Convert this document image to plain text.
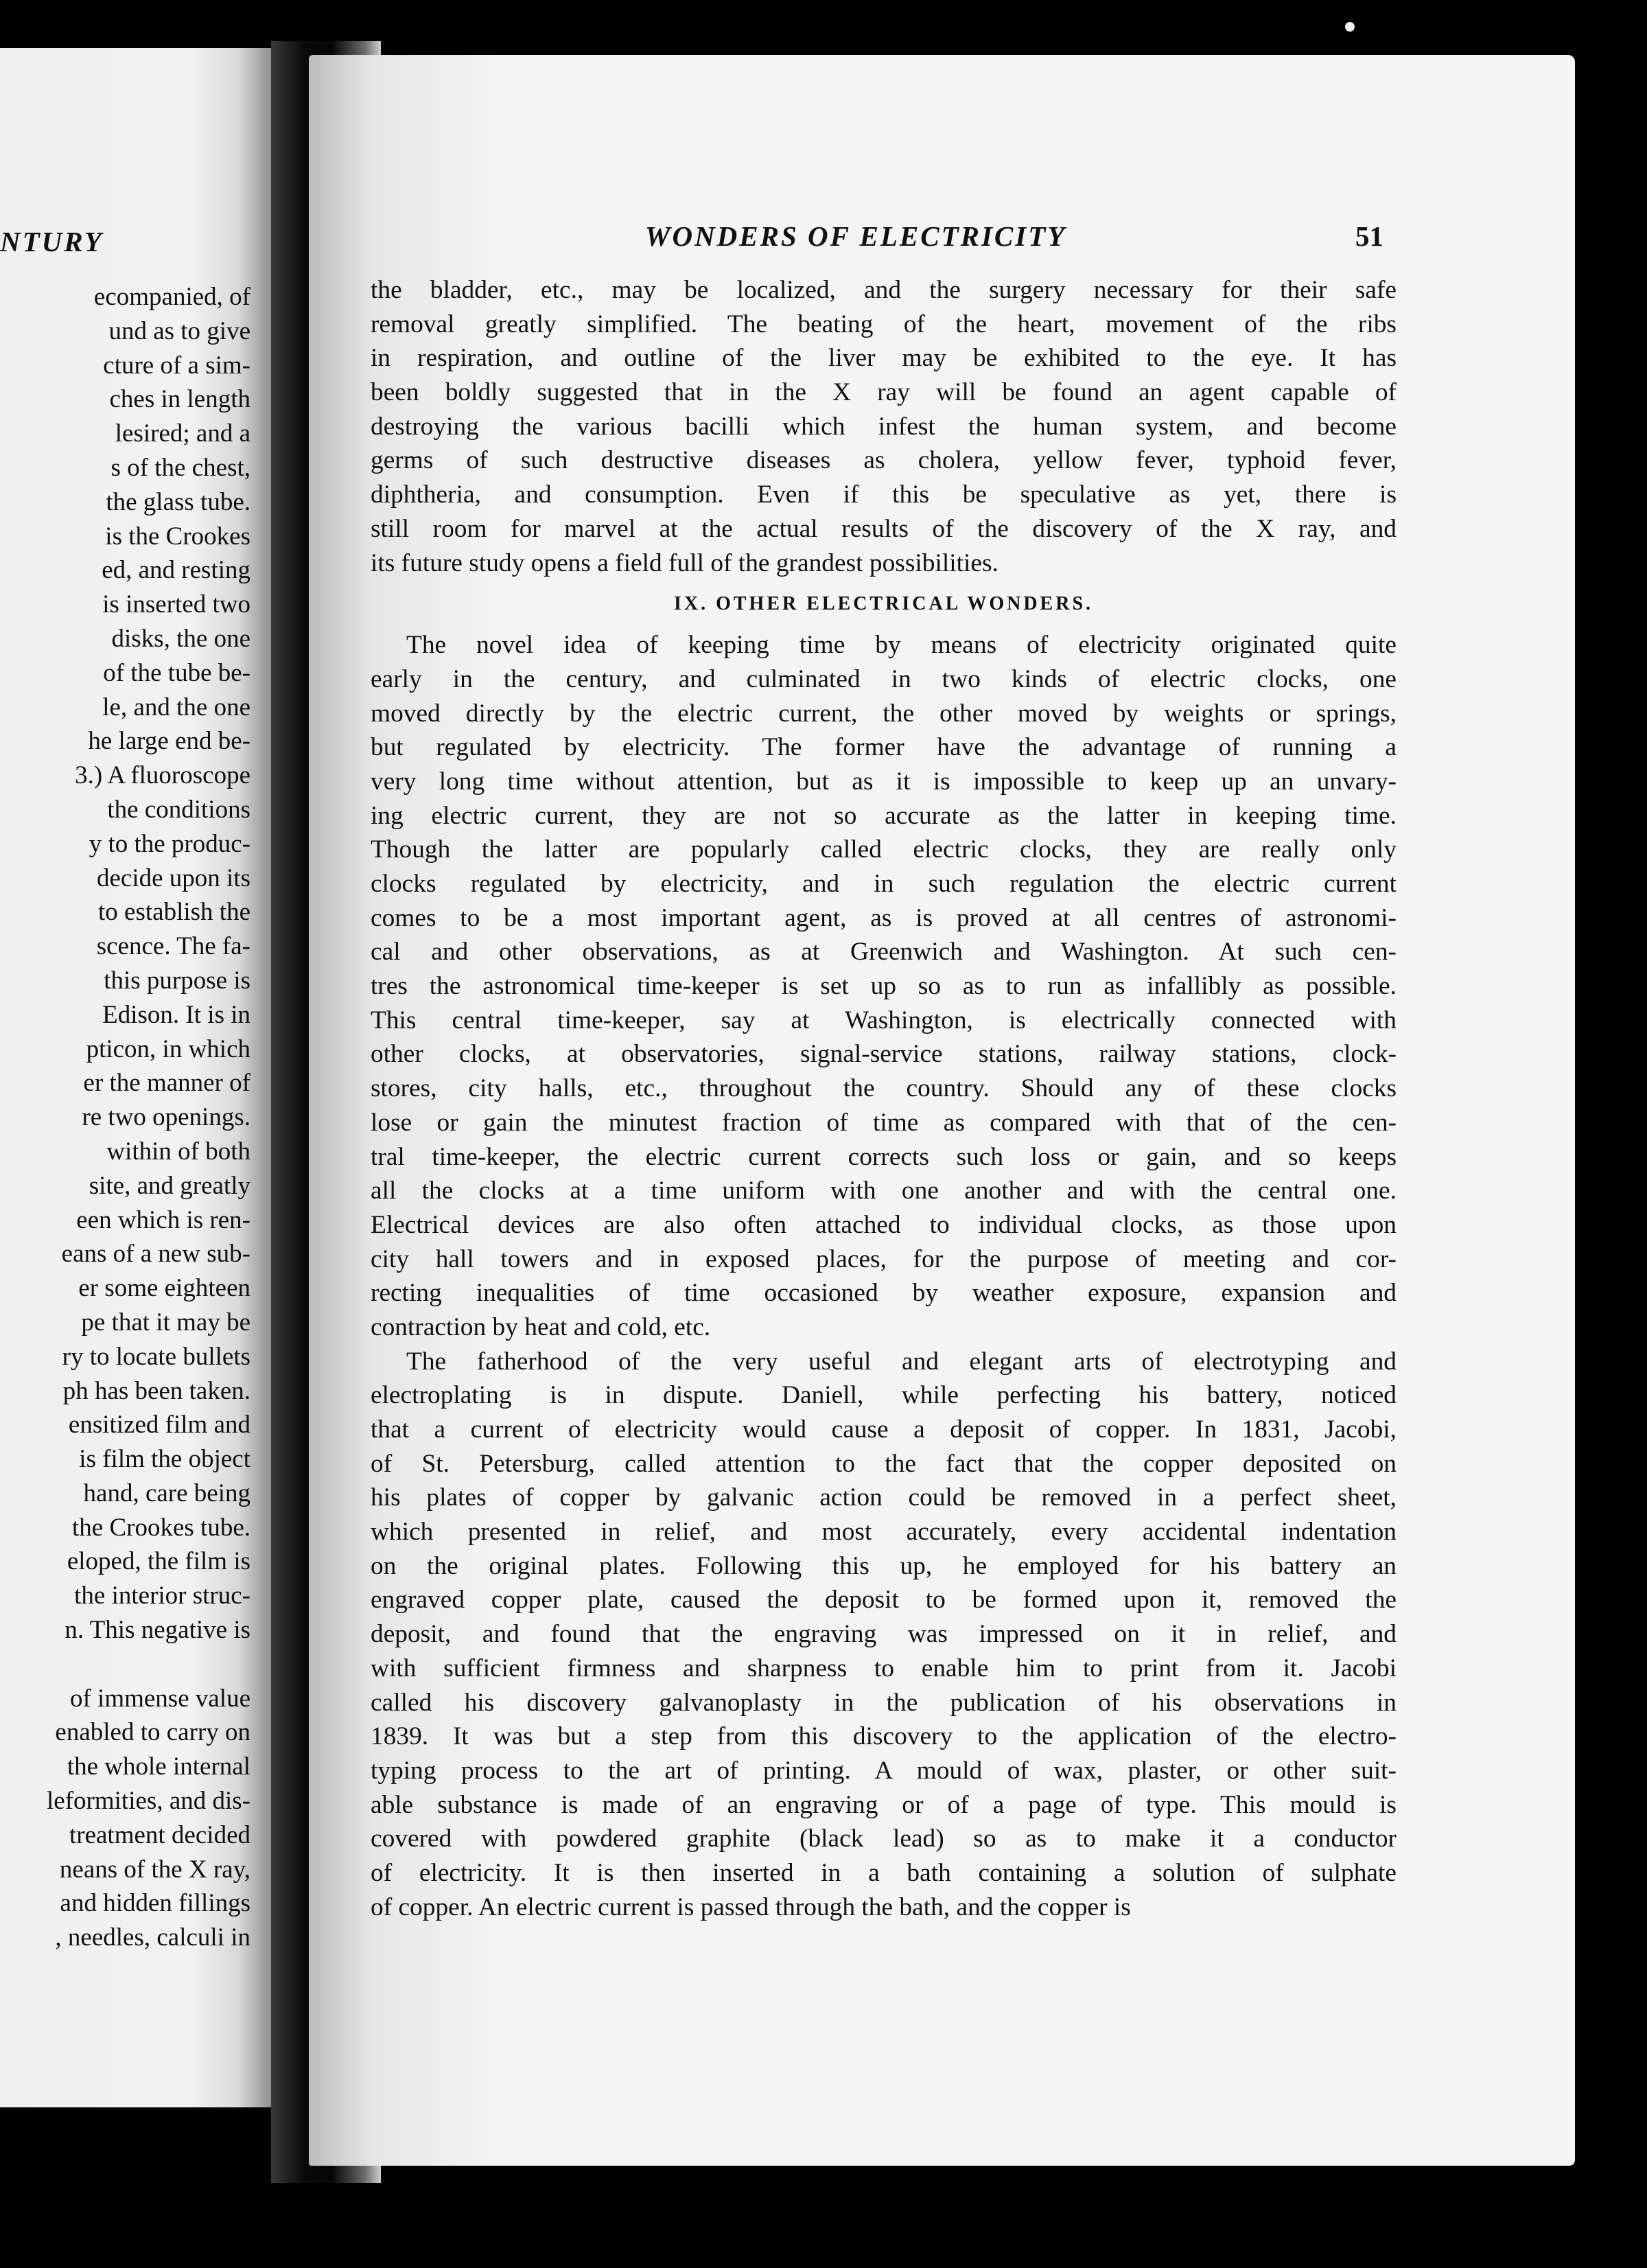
NTURY
ecompanied, of
und as to give
cture of a sim-
ches in length
lesired; and a
s of the chest,
the glass tube.
is the Crookes
ed, and resting
is inserted two
disks, the one
of the tube be-
le, and the one
he large end be-
3.) A fluoroscope
the conditions
y to the produc-
decide upon its
to establish the
scence. The fa-
this purpose is
Edison. It is in
pticon, in which
er the manner of
re two openings.
within of both
site, and greatly
een which is ren-
eans of a new sub-
er some eighteen
pe that it may be
ry to locate bullets
ph has been taken.
ensitized film and
is film the object
hand, care being
the Crookes tube.
eloped, the film is
the interior struc-
n. This negative is
of immense value
enabled to carry on
the whole internal
leformities, and dis-
treatment decided
neans of the X ray,
and hidden fillings
, needles, calculi in
WONDERS OF ELECTRICITY	51
the bladder, etc., may be localized, and the surgery necessary for their safe
removal greatly simplified. The beating of the heart, movement of the ribs
in respiration, and outline of the liver may be exhibited to the eye. It has
been boldly suggested that in the X ray will be found an agent capable of
destroying the various bacilli which infest the human system, and become
germs of such destructive diseases as cholera, yellow fever, typhoid fever,
diphtheria, and consumption. Even if this be speculative as yet, there is
still room for marvel at the actual results of the discovery of the X ray, and
its future study opens a field full of the grandest possibilities.
IX. OTHER ELECTRICAL WONDERS.
The novel idea of keeping time by means of electricity originated quite
early in the century, and culminated in two kinds of electric clocks, one
moved directly by the electric current, the other moved by weights or springs,
but regulated by electricity. The former have the advantage of running a
very long time without attention, but as it is impossible to keep up an unvary-
ing electric current, they are not so accurate as the latter in keeping time.
Though the latter are popularly called electric clocks, they are really only
clocks regulated by electricity, and in such regulation the electric current
comes to be a most important agent, as is proved at all centres of astronomi-
cal and other observations, as at Greenwich and Washington. At such cen-
tres the astronomical time-keeper is set up so as to run as infallibly as possible.
This central time-keeper, say at Washington, is electrically connected with
other clocks, at observatories, signal-service stations, railway stations, clock-
stores, city halls, etc., throughout the country. Should any of these clocks
lose or gain the minutest fraction of time as compared with that of the cen-
tral time-keeper, the electric current corrects such loss or gain, and so keeps
all the clocks at a time uniform with one another and with the central one.
Electrical devices are also often attached to individual clocks, as those upon
city hall towers and in exposed places, for the purpose of meeting and cor-
recting inequalities of time occasioned by weather exposure, expansion and
contraction by heat and cold, etc.
The fatherhood of the very useful and elegant arts of electrotyping and
electroplating is in dispute. Daniell, while perfecting his battery, noticed
that a current of electricity would cause a deposit of copper. In 1831, Jacobi,
of St. Petersburg, called attention to the fact that the copper deposited on
his plates of copper by galvanic action could be removed in a perfect sheet,
which presented in relief, and most accurately, every accidental indentation
on the original plates. Following this up, he employed for his battery an
engraved copper plate, caused the deposit to be formed upon it, removed the
deposit, and found that the engraving was impressed on it in relief, and
with sufficient firmness and sharpness to enable him to print from it. Jacobi
called his discovery galvanoplasty in the publication of his observations in
1839. It was but a step from this discovery to the application of the electro-
typing process to the art of printing. A mould of wax, plaster, or other suit-
able substance is made of an engraving or of a page of type. This mould is
covered with powdered graphite (black lead) so as to make it a conductor
of electricity. It is then inserted in a bath containing a solution of sulphate
of copper. An electric current is passed through the bath, and the copper is
